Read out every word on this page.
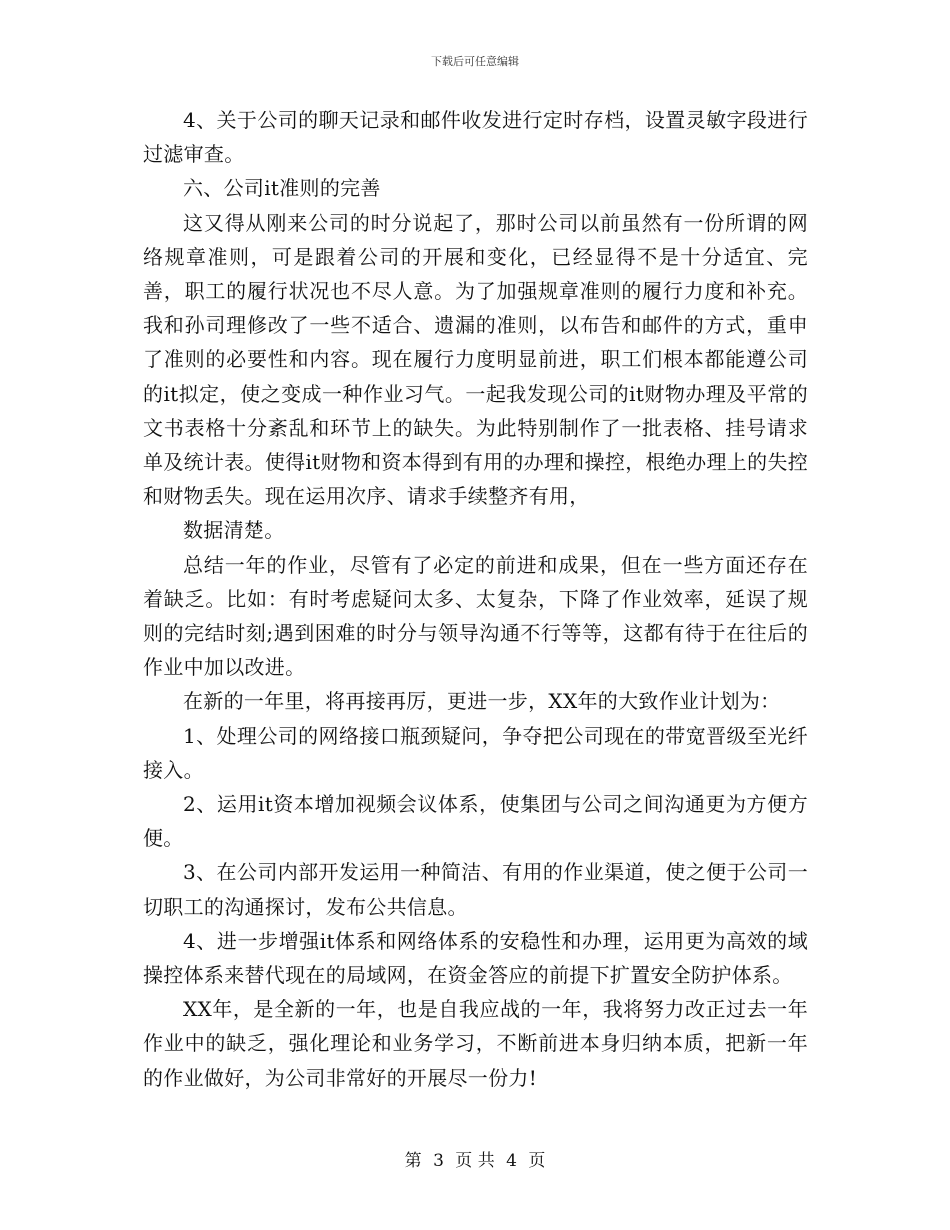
下载后可任意编辑

4、关于公司的聊天记录和邮件收发进行定时存档，设置灵敏字段进行过滤审查。

六、公司it准则的完善

这又得从刚来公司的时分说起了，那时公司以前虽然有一份所谓的网络规章准则，可是跟着公司的开展和变化，已经显得不是十分适宜、完善，职工的履行状况也不尽人意。为了加强规章准则的履行力度和补充。我和孙司理修改了一些不适合、遗漏的准则，以布告和邮件的方式，重申了准则的必要性和内容。现在履行力度明显前进，职工们根本都能遵公司的it拟定，使之变成一种作业习气。一起我发现公司的it财物办理及平常的文书表格十分紊乱和环节上的缺失。为此特别制作了一批表格、挂号请求单及统计表。使得it财物和资本得到有用的办理和操控，根绝办理上的失控和财物丢失。现在运用次序、请求手续整齐有用，

数据清楚。

总结一年的作业，尽管有了必定的前进和成果，但在一些方面还存在着缺乏。比如：有时考虑疑问太多、太复杂，下降了作业效率，延误了规则的完结时刻;遇到困难的时分与领导沟通不行等等，这都有待于在往后的作业中加以改进。

在新的一年里，将再接再厉，更进一步，XX年的大致作业计划为：

1、处理公司的网络接口瓶颈疑问，争夺把公司现在的带宽晋级至光纤接入。

2、运用it资本增加视频会议体系，使集团与公司之间沟通更为方便方便。

3、在公司内部开发运用一种简洁、有用的作业渠道，使之便于公司一切职工的沟通探讨，发布公共信息。

4、进一步增强it体系和网络体系的安稳性和办理，运用更为高效的域操控体系来替代现在的局域网，在资金答应的前提下扩置安全防护体系。

XX年，是全新的一年，也是自我应战的一年，我将努力改正过去一年作业中的缺乏，强化理论和业务学习，不断前进本身归纳本质，把新一年的作业做好，为公司非常好的开展尽一份力!

第 3 页 共 4 页
